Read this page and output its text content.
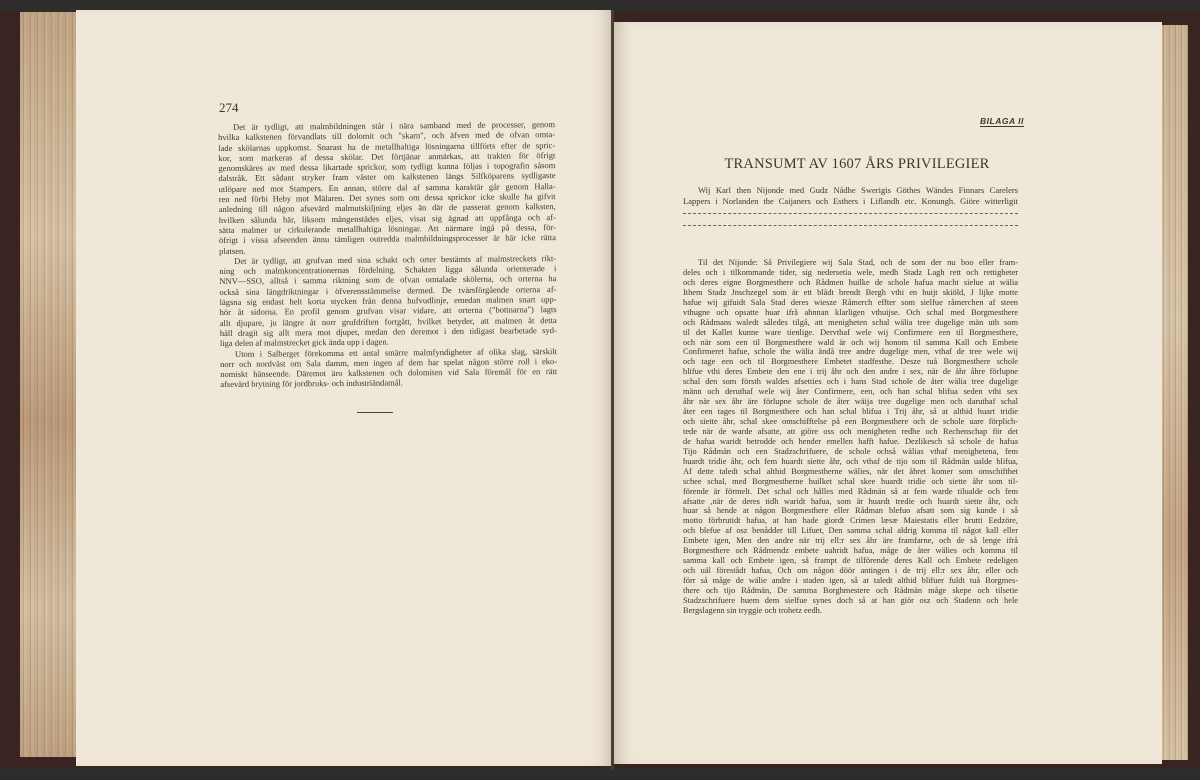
274
Det är tydligt, att malmbildningen står i nära samband med de processer, genom
hvilka kalkstenen förvandlats till dolomit och "skarn", och äfven med de ofvan omta-
lade skölarnas uppkomst. Snarast ha de metallhaltiga lösningarna tillförts efter de spric-
kor, som markeras af dessa skölar. Det förtjänar anmärkas, att trakten för öfrigt
genomskäres av med dessa likartade sprickor, som tydligt kunna följas i topografin såsom
dalstråk. Ett sådant stryker fram väster om kalkstenen längs Silfköparens sydligaste
utlöpare ned mot Stampers. En annan, större dal af samma karaktär går genom Halla-
ren ned förbi Heby mot Mälaren. Det synes som om dessa sprickor icke skulle ha gifvit
anledning till någon afsevärd malmutskiljning eljes än där de passerat genom kalksten,
hvilken sålunda här, liksom mångenstädes eljes, visat sig ägnad att uppfånga och af-
sätta malmer ur cirkulerande metallhaltiga lösningar. Att närmare ingå på dessa, för-
öfrigt i vissa afseenden ännu tämligen outredda malmbildningsprocesser är här icke rätta
platsen.
Det är tydligt, att grufvan med sina schakt och orter bestämts af malmstreckets rikt-
ning och malmkoncentrationernas fördelning. Schakten ligga sålunda orienterade i
NNV—SSO, alltså i samma riktning som de ofvan omtalade skölerna, och orterna ha
också sina längdriktningar i öfverensstämmelse dermed. De tvärsförgående orterna af-
lägsna sig endast helt korta stycken från denna hufvudlinje, emedan malmen snart upp-
hör åt sidorna. En profil genom grufvan visar vidare, att orterna ("bottnarna") lagts
allt djupare, ju längre åt norr grufdriften fortgått, hvilket betyder, att malmen åt detta
håll dragit sig allt mera mot djupet, medan den deremot i den tidigast bearbetade syd-
liga delen af malmstrecket gick ända upp i dagen.
Utom i Salberget förekomma ett antal smärre malmfyndigheter af olika slag, särskilt
norr och nordväst om Sala damm, men ingen af dem har spelat någon större roll i eko-
nomiskt hänseende. Däremot äro kalkstenen och dolomiten vid Sala föremål för en rätt
afsevärd brytning för jordbruks- och industriändamål.
BILAGA II
TRANSUMT AV 1607 ÅRS PRIVILEGIER
Wij Karl then Nijonde med Gudz Nådhe Swerigis Göthes Wändes Finnars Carelers
Lappers i Norlanden the Caijaners och Esthers i Liflandh etc. Konungh. Giöre witterligit
Til det Nijonde: Så Privilegiere wij Sala Stad, och de som der nu boo eller fram-
deles och i tilkommande tider, sig nedersetia wele, medh Stadz Lagh rett och rettigheter
och deres eigne Borgmesthere och Rådmen huilke de schole hafua macht sielue at wälia
Ithem Stadz Jnschzegel som är ett blådt brendt Bergh vthi en huijt skiöld, J lijke motte
hafue wij gifuidt Sala Stad deres wiesze Råmerch effter som sielfue råmerchen af steen
vthugne och opsatte huar ifrå ahnnan klarligen vthuijse. Och schal med Borgmesthere
och Rådmans waledt således tilgå, att menigheten schal wälia tree dugelige män uth som
til det Kallet kunne ware tienlige. Dervthaf wele wij Confirmere een til Borgmesthere,
och när som een til Borgmesthere wald är och wij honom til samma Kall och Embete
Confirmeret hafue, schole the wälia ändå tree andre dugelige men, vthaf de tree wele wij
och tage een och til Borgmesthere Embetet stadfesthe. Desze tuå Borgmesthere schole
blifue vthi deres Embete den ene i trij åhr och den andre i sex, när de åhr åhre förlupne
schal den som försth waldes afsetties och i hans Stad schole de åter wälia tree dugelige
männ och deruthaf wele wij åter Confirmere, een, och han schal blifua seden vthi sex
åhr när sex åhr äre förlupne schole de åter wäija tree dugelige men och daruthaf schal
åter een tages til Borgmesthere och han schal blifua i Trij åhr, så at althid huart tridie
och siette åhr, schal skee omschifftelse på een Borgmesthere och de schole uare förplich-
tede när de warde afsatte, att giöre oss och menigheten redhe och Rechenschap för det
de hafua waridt betrodde och hender emellen hafft hafue. Dezlikesch så schole de hafua
Tijo Rådmän och een Stadzschrifuere, de schole ochså wälias vthaf menighetena, fem
huardt tridie åhr, och fem huardt siette åhr, och vthaf de tijo som til Rådmän ualde blifua,
Af dette taledt schal althid Borgmestherne wälies, när det åhret komer som omschifthet
schee schal, med Borgmestherne huilket schal skee huardt tridie och siette åhr som til-
förende är förmelt. Det schal och hålles med Rådmän så at fem warde tilualde och fem
afsatte ,när de deres tidh waridt hafua, som är huardt tredie och huardt siette åhr, och
huar så hende at någon Borgmesthere eller Rådman blefuo afsatt som sig kunde i så
motto förbrutidt hafua, at han hade giordt Crimen læsæ Maiestatis eller brutti Eedzöre,
och blefue af osz benådder till Lifuet, Den samma schal aldrig komma til något kall eller
Embete igen, Men den andre när trij ell:r sex åhr äre framfarne, och de så lenge ifrå
Borgmesthere och Rådmendz embete uahridt hafua, måge de åter wälies och komma til
samma kall och Embete igen, så frampt de tilförende deres Kall och Embete redeligen
och uäl förestådt hafua, Och om någon döör antingen i de trij ell:r sex åhr, eller och
förr så måge de wälie andre i staden igen, så at taledt althid blifuer fuldt tuå Borgmes-
there och tijo Rådmän, De samma Borghmestere och Rådmän måge skepe och tilsetie
Stadzschrifuere huem dem sielfue synes doch så at han giör osz och Stadenn och hele
Bergslagenn sin tryggie och trohetz eedh.
